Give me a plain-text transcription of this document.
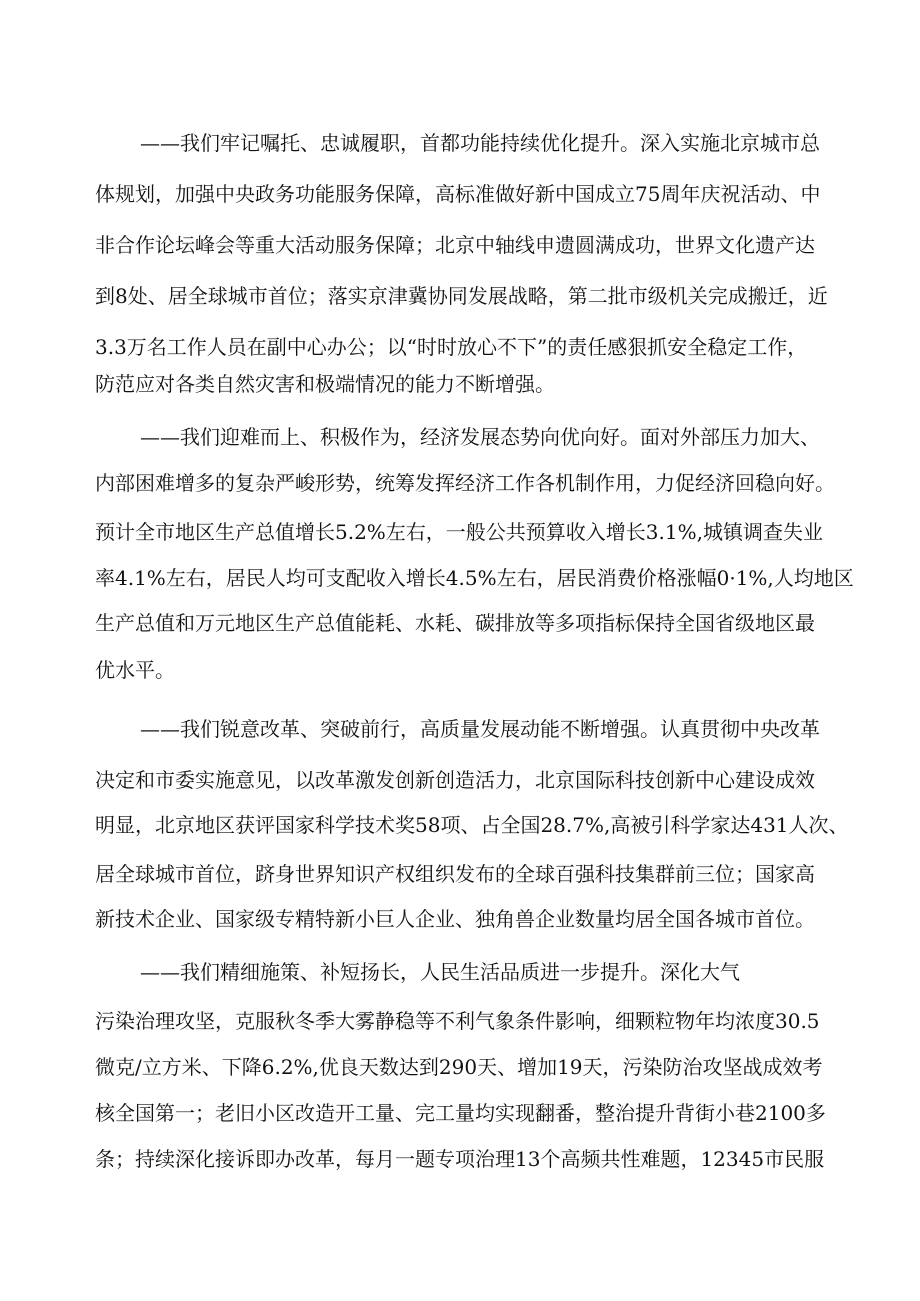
——我们牢记嘱托、忠诚履职，首都功能持续优化提升。深入实施北京城市总

体规划，加强中央政务功能服务保障，高标准做好新中国成立75周年庆祝活动、中

非合作论坛峰会等重大活动服务保障；北京中轴线申遗圆满成功，世界文化遗产达

到8处、居全球城市首位；落实京津冀协同发展战略，第二批市级机关完成搬迁，近

3.3万名工作人员在副中心办公；以“时时放心不下”的责任感狠抓安全稳定工作，

防范应对各类自然灾害和极端情况的能力不断增强。

——我们迎难而上、积极作为，经济发展态势向优向好。面对外部压力加大、

内部困难增多的复杂严峻形势，统筹发挥经济工作各机制作用，力促经济回稳向好。

预计全市地区生产总值增长5.2%左右，一般公共预算收入增长3.1%,城镇调查失业

率4.1%左右，居民人均可支配收入增长4.5%左右，居民消费价格涨幅0·1%,人均地区

生产总值和万元地区生产总值能耗、水耗、碳排放等多项指标保持全国省级地区最

优水平。

——我们锐意改革、突破前行，高质量发展动能不断增强。认真贯彻中央改革

决定和市委实施意见，以改革激发创新创造活力，北京国际科技创新中心建设成效

明显，北京地区获评国家科学技术奖58项、占全国28.7%,高被引科学家达431人次、

居全球城市首位，跻身世界知识产权组织发布的全球百强科技集群前三位；国家高

新技术企业、国家级专精特新小巨人企业、独角兽企业数量均居全国各城市首位。

——我们精细施策、补短扬长，人民生活品质进一步提升。深化大气

污染治理攻坚，克服秋冬季大雾静稳等不利气象条件影响，细颗粒物年均浓度30.5

微克/立方米、下降6.2%,优良天数达到290天、增加19天，污染防治攻坚战成效考

核全国第一；老旧小区改造开工量、完工量均实现翻番，整治提升背街小巷2100多

条；持续深化接诉即办改革，每月一题专项治理13个高频共性难题，12345市民服
